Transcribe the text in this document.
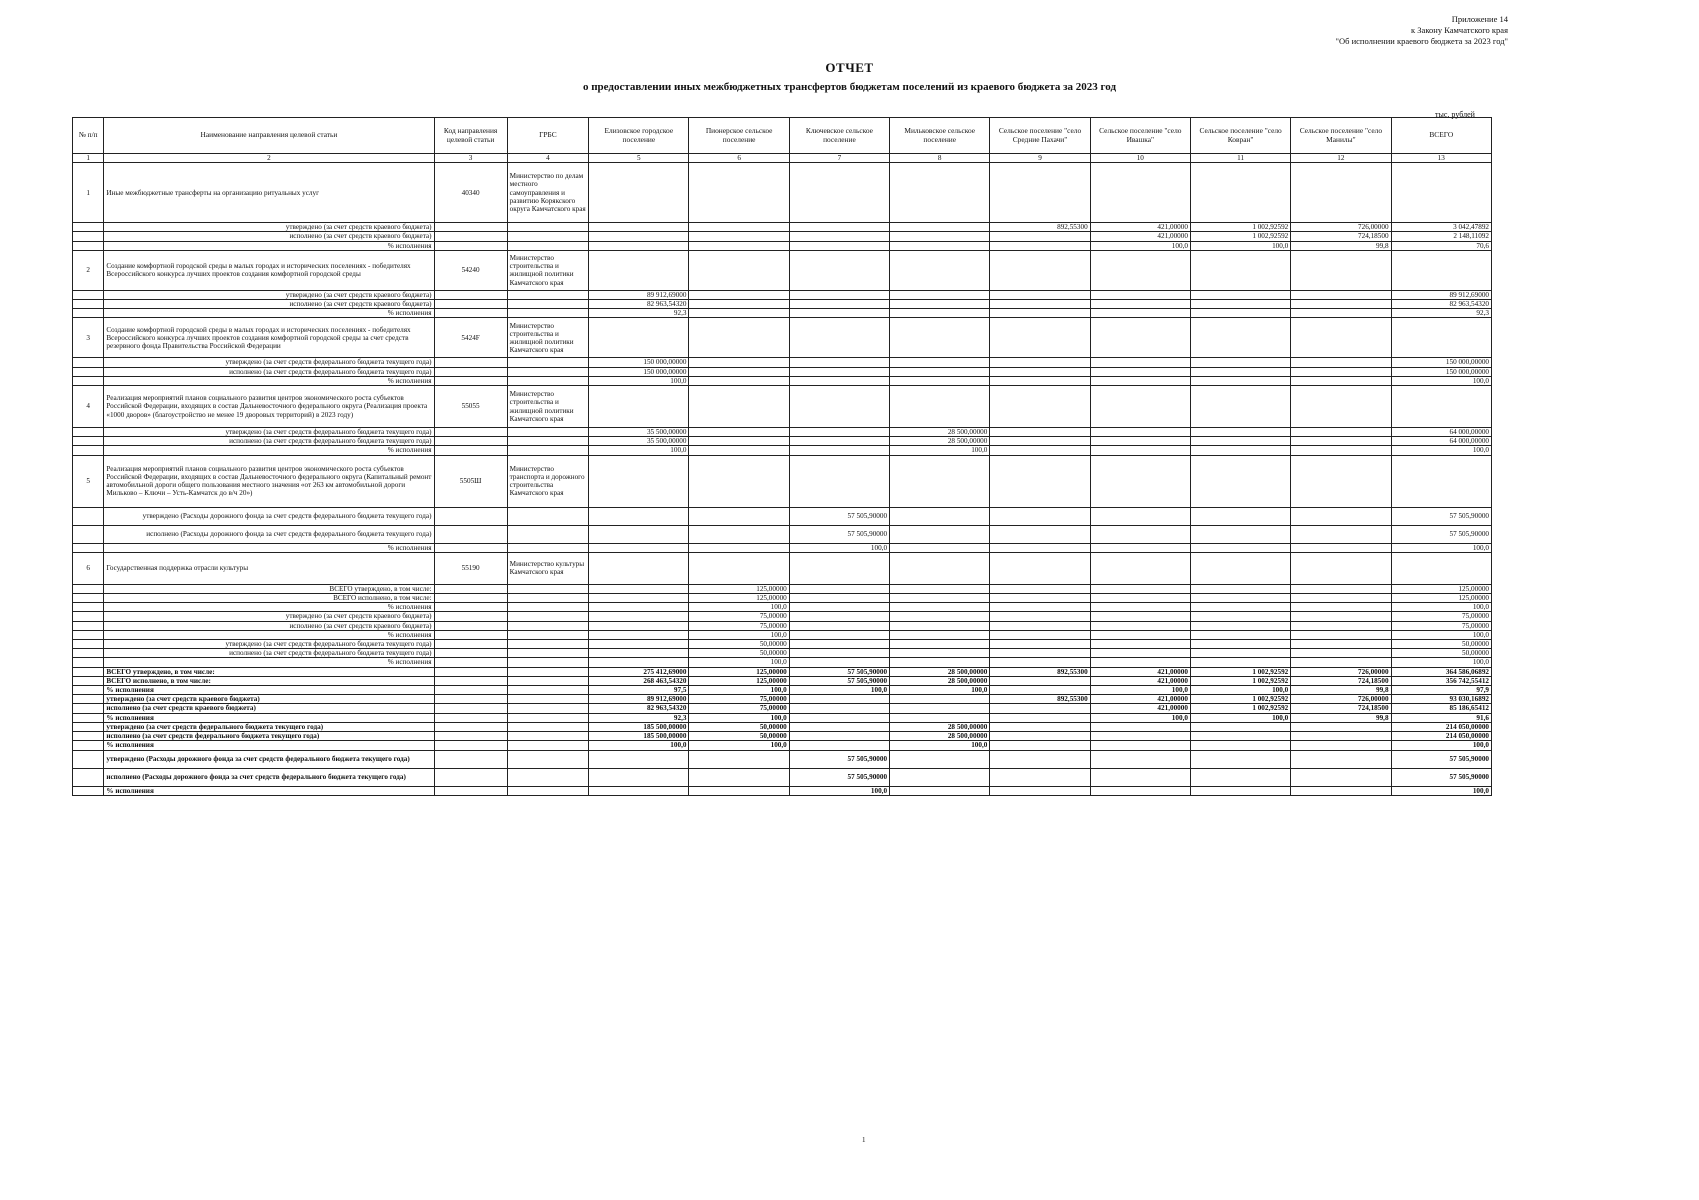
Приложение 14
к Закону Камчатского края
"Об исполнении краевого бюджета за 2023 год"
ОТЧЕТ
о предоставлении иных межбюджетных трансфертов бюджетам поселений из краевого бюджета за 2023 год
тыс. рублей
№ п/п	Наименование направления целевой статьи	Код направления целевой статьи	ГРБС	Елизовское городское поселение	Пионерское сельское поселение	Ключевское сельское поселение	Мильковское сельское поселение	Сельское поселение "село Средние Пахачи"	Сельское поселение "село Ивашка"	Сельское поселение "село Ковран"	Сельское поселение "село Манилы"	ВСЕГО
1	2	3	4	5	6	7	8	9	10	11	12	13
1	Иные межбюджетные трансферты на организацию ритуальных услуг	40340	Министерство по делам местного самоуправления и развитию Корякского округа Камчатского края									
	утверждено (за счет средств краевого бюджета)							892,55300	421,00000	1 002,92592	726,00000	3 042,47892
	исполнено (за счет средств краевого бюджета)								421,00000	1 002,92592	724,18500	2 148,11092
	% исполнения								100,0	100,0	99,8	70,6
2	Создание комфортной городской среды в малых городах и исторических поселениях - победителях Всероссийского конкурса лучших проектов создания комфортной городской среды	54240	Министерство строительства и жилищной политики Камчатского края									
	утверждено (за счет средств краевого бюджета)			89 912,69000								89 912,69000
	исполнено (за счет средств краевого бюджета)			82 963,54320								82 963,54320
	% исполнения			92,3								92,3
3	Создание комфортной городской среды в малых городах и исторических поселениях - победителях Всероссийского конкурса лучших проектов создания комфортной городской среды за счет средств резервного фонда Правительства Российской Федерации	5424F	Министерство строительства и жилищной политики Камчатского края									
	утверждено (за счет средств федерального бюджета текущего года)			150 000,00000								150 000,00000
	исполнено (за счет средств федерального бюджета текущего года)			150 000,00000								150 000,00000
	% исполнения			100,0								100,0
4	Реализация мероприятий планов социального развития центров экономического роста субъектов Российской Федерации, входящих в состав Дальневосточного федерального округа (Реализация проекта «1000 дворов» (благоустройство не менее 19 дворовых территорий) в 2023 году)	55055	Министерство строительства и жилищной политики Камчатского края									
	утверждено (за счет средств федерального бюджета текущего года)			35 500,00000			28 500,00000					64 000,00000
	исполнено (за счет средств федерального бюджета текущего года)			35 500,00000			28 500,00000					64 000,00000
	% исполнения			100,0			100,0					100,0
5	Реализация мероприятий планов социального развития центров экономического роста субъектов Российской Федерации, входящих в состав Дальневосточного федерального округа (Капитальный ремонт автомобильной дороги общего пользования местного значения «от 263 км автомобильной дороги Мильково – Ключи – Усть-Камчатск до в/ч 20»)	5505Ш	Министерство транспорта и дорожного строительства Камчатского края									
	утверждено (Расходы дорожного фонда за счет средств федерального бюджета текущего года)					57 505,90000						57 505,90000
	исполнено (Расходы дорожного фонда за счет средств федерального бюджета текущего года)					57 505,90000						57 505,90000
	% исполнения					100,0						100,0
6	Государственная поддержка отрасли культуры	55190	Министерство культуры Камчатского края									
	ВСЕГО утверждено, в том числе:				125,00000							125,00000
	ВСЕГО исполнено, в том числе:				125,00000							125,00000
	% исполнения				100,0							100,0
	утверждено (за счет средств краевого бюджета)				75,00000							75,00000
	исполнено (за счет средств краевого бюджета)				75,00000							75,00000
	% исполнения				100,0							100,0
	утверждено (за счет средств федерального бюджета текущего года)				50,00000							50,00000
	исполнено (за счет средств федерального бюджета текущего года)				50,00000							50,00000
	% исполнения				100,0							100,0
	ВСЕГО утверждено, в том числе:			275 412,69000	125,00000	57 505,90000	28 500,00000	892,55300	421,00000	1 002,92592	726,00000	364 586,06892
	ВСЕГО исполнено, в том числе:			268 463,54320	125,00000	57 505,90000	28 500,00000		421,00000	1 002,92592	724,18500	356 742,55412
	% исполнения			97,5	100,0	100,0	100,0		100,0	100,0	99,8	97,9
	утверждено (за счет средств краевого бюджета)			89 912,69000	75,00000			892,55300	421,00000	1 002,92592	726,00000	93 030,16892
	исполнено (за счет средств краевого бюджета)			82 963,54320	75,00000				421,00000	1 002,92592	724,18500	85 186,65412
	% исполнения			92,3	100,0				100,0	100,0	99,8	91,6
	утверждено (за счет средств федерального бюджета текущего года)			185 500,00000	50,00000		28 500,00000					214 050,00000
	исполнено (за счет средств федерального бюджета текущего года)			185 500,00000	50,00000		28 500,00000					214 050,00000
	% исполнения			100,0	100,0		100,0					100,0
	утверждено (Расходы дорожного фонда за счет средств федерального бюджета текущего года)					57 505,90000						57 505,90000
	исполнено (Расходы дорожного фонда за счет средств федерального бюджета текущего года)					57 505,90000						57 505,90000
	% исполнения					100,0						100,0
1
